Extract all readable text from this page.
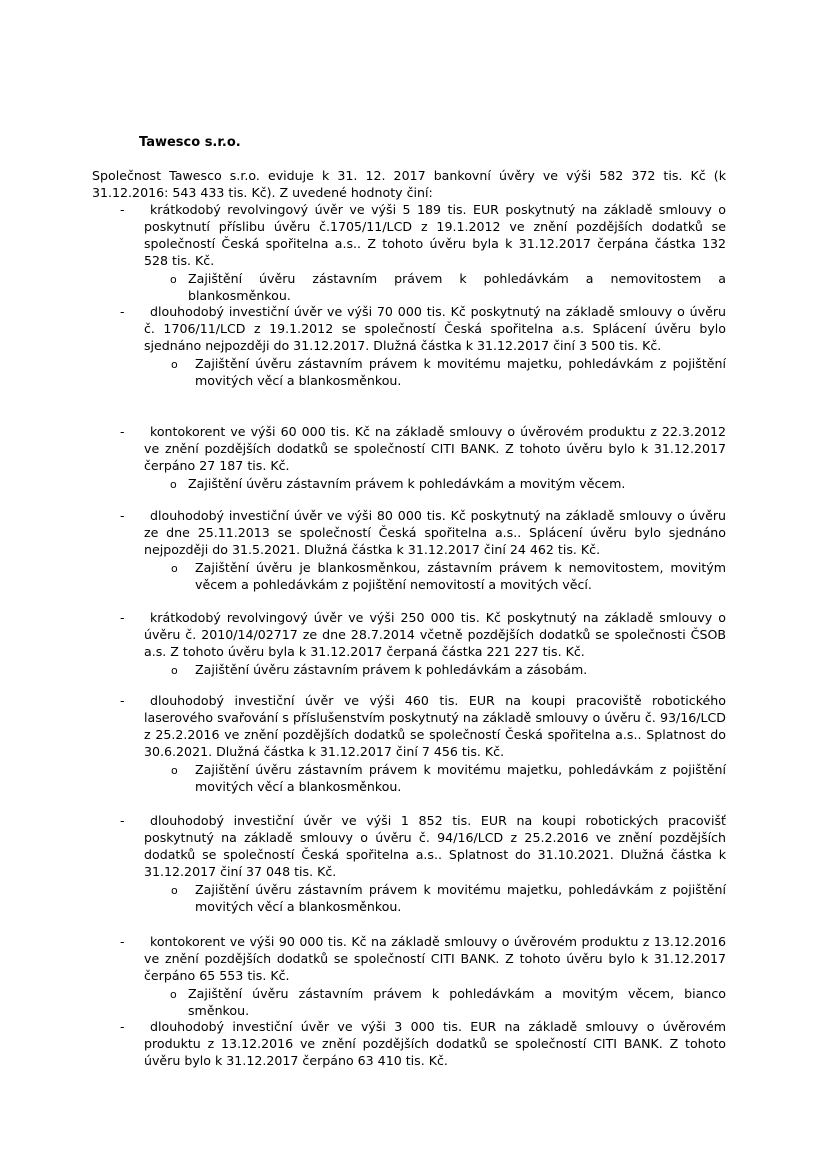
Tawesco s.r.o.
Společnost Tawesco s.r.o. eviduje k 31. 12. 2017 bankovní úvěry ve výši 582 372 tis. Kč (k 31.12.2016: 543 433 tis. Kč). Z uvedené hodnoty činí:
-	krátkodobý revolvingový úvěr ve výši 5 189 tis. EUR poskytnutý na základě smlouvy o poskytnutí příslibu úvěru č.1705/11/LCD z 19.1.2012 ve znění pozdějších dodatků se společností Česká spořitelna a.s.. Z tohoto úvěru byla k 31.12.2017 čerpána částka 132 528 tis. Kč.
o Zajištění úvěru zástavním právem k pohledávkám a nemovitostem a blankosměnkou.
-	dlouhodobý investiční úvěr ve výši 70 000 tis. Kč poskytnutý na základě smlouvy o úvěru č. 1706/11/LCD z 19.1.2012 se společností Česká spořitelna a.s. Splácení úvěru bylo sjednáno nejpozději do 31.12.2017. Dlužná částka k 31.12.2017 činí 3 500 tis. Kč.
o Zajištění úvěru zástavním právem k movitému majetku, pohledávkám z pojištění movitých věcí a blankosměnkou.
-	kontokorent ve výši 60 000 tis. Kč na základě smlouvy o úvěrovém produktu z 22.3.2012 ve znění pozdějších dodatků se společností CITI BANK. Z tohoto úvěru bylo k 31.12.2017 čerpáno 27 187 tis. Kč.
o Zajištění úvěru zástavním právem k pohledávkám a movitým věcem.
-	dlouhodobý investiční úvěr ve výši 80 000 tis. Kč poskytnutý na základě smlouvy o úvěru ze dne 25.11.2013 se společností Česká spořitelna a.s.. Splácení úvěru bylo sjednáno nejpozději do 31.5.2021. Dlužná částka k 31.12.2017 činí 24 462 tis. Kč.
o Zajištění úvěru je blankosměnkou, zástavním právem k nemovitostem, movitým věcem a pohledávkám z pojištění nemovitostí a movitých věcí.
-	krátkodobý revolvingový úvěr ve výši 250 000 tis. Kč poskytnutý na základě smlouvy o úvěru č. 2010/14/02717 ze dne 28.7.2014 včetně pozdějších dodatků se společnosti ČSOB a.s. Z tohoto úvěru byla k 31.12.2017 čerpaná částka 221 227 tis. Kč.
o Zajištění úvěru zástavním právem k pohledávkám a zásobám.
-	dlouhodobý investiční úvěr ve výši 460 tis. EUR na koupi pracoviště robotického laserového svařování s příslušenstvím poskytnutý na základě smlouvy o úvěru č. 93/16/LCD z 25.2.2016 ve znění pozdějších dodatků se společností Česká spořitelna a.s.. Splatnost do 30.6.2021. Dlužná částka k 31.12.2017 činí 7 456 tis. Kč.
o Zajištění úvěru zástavním právem k movitému majetku, pohledávkám z pojištění movitých věcí a blankosměnkou.
-	dlouhodobý investiční úvěr ve výši 1 852 tis. EUR na koupi robotických pracovišť poskytnutý na základě smlouvy o úvěru č. 94/16/LCD z 25.2.2016 ve znění pozdějších dodatků se společností Česká spořitelna a.s.. Splatnost do 31.10.2021. Dlužná částka k 31.12.2017 činí 37 048 tis. Kč.
o Zajištění úvěru zástavním právem k movitému majetku, pohledávkám z pojištění movitých věcí a blankosměnkou.
-	kontokorent ve výši 90 000 tis. Kč na základě smlouvy o úvěrovém produktu z 13.12.2016 ve znění pozdějších dodatků se společností CITI BANK. Z tohoto úvěru bylo k 31.12.2017 čerpáno 65 553 tis. Kč.
o Zajištění úvěru zástavním právem k pohledávkám a movitým věcem, bianco směnkou.
-	dlouhodobý investiční úvěr ve výši 3 000 tis. EUR na základě smlouvy o úvěrovém produktu z 13.12.2016 ve znění pozdějších dodatků se společností CITI BANK. Z tohoto úvěru bylo k 31.12.2017 čerpáno 63 410 tis. Kč.
